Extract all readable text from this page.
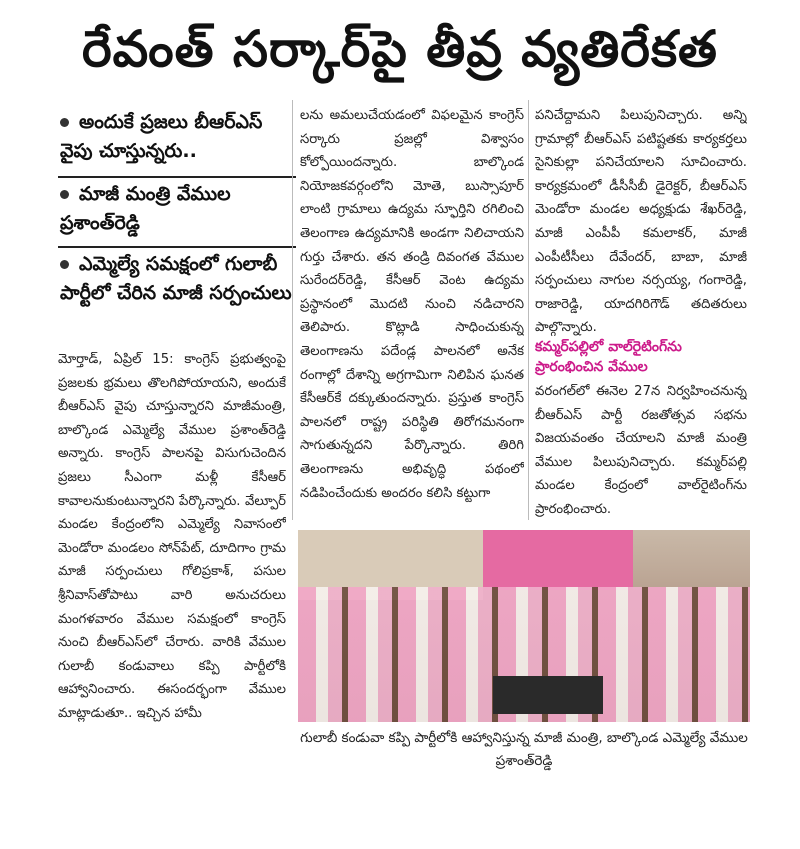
రేవంత్ సర్కార్‌పై తీవ్ర వ్యతిరేకత
అందుకే ప్రజలు బీఆర్ఎస్ వైపు చూస్తున్నరు..
మాజీ మంత్రి వేముల ప్రశాంత్‌రెడ్డి
ఎమ్మెల్యే సమక్షంలో గులాబీ పార్టీలో చేరిన మాజీ సర్పంచులు

మోర్తాడ్, ఏప్రిల్ 15: కాంగ్రెస్ ప్రభుత్వంపై ప్రజలకు భ్రమలు తొలగిపోయాయని, అందుకే బీఆర్ఎస్ వైపు చూస్తున్నారని మాజీమంత్రి, బాల్కొండ ఎమ్మెల్యే వేముల ప్రశాంత్‌రెడ్డి అన్నారు. కాంగ్రెస్ పాలనపై విసుగుచెందిన ప్రజలు సీఎంగా మళ్లీ కేసీఆర్ కావాలనుకుంటున్నారని పేర్కొన్నారు. వేల్పూర్ మండల కేంద్రంలోని ఎమ్మెల్యే నివాసంలో మెండోరా మండలం సోన్‌పేట్, దూదిగాం గ్రామ మాజీ సర్పంచులు గోలిప్రకాశ్, పసుల శ్రీనివాస్‌తోపాటు వారి అనుచరులు మంగళవారం వేముల సమక్షంలో కాంగ్రెస్ నుంచి బీఆర్ఎస్‌లో చేరారు. వారికి వేముల గులాబీ కండువాలు కప్పి పార్టీలోకి ఆహ్వానించారు. ఈసందర్భంగా వేముల మాట్లాడుతూ.. ఇచ్చిన హామీ

లను అమలుచేయడంలో విఫలమైన కాంగ్రెస్ సర్కారు ప్రజల్లో విశ్వాసం కోల్పోయిందన్నారు. బాల్కొండ నియోజకవర్గంలోని మోతె, బుస్సాపూర్ లాంటి గ్రామాలు ఉద్యమ స్ఫూర్తిని రగిలించి తెలంగాణ ఉద్యమానికి అండగా నిలిచాయని గుర్తు చేశారు. తన తండ్రి దివంగత వేముల సురేందర్‌రెడ్డి, కేసీఆర్ వెంట ఉద్యమ ప్రస్థానంలో మొదటి నుంచి నడిచారని తెలిపారు. కొట్లాడి సాధించుకున్న తెలంగాణను పదేండ్ల పాలనలో అనేక రంగాల్లో దేశాన్ని అగ్రగామిగా నిలిపిన ఘనత కేసీఆర్‌కే దక్కుతుందన్నారు. ప్రస్తుత కాంగ్రెస్ పాలనలో రాష్ట్ర పరిస్థితి తిరోగమనంగా సాగుతున్నదని పేర్కొన్నారు. తిరిగి తెలంగాణను అభివృద్ధి పథంలో నడిపించేందుకు అందరం కలిసి కట్టుగా

పనిచేద్దామని పిలుపునిచ్చారు. అన్ని గ్రామాల్లో బీఆర్ఎస్ పటిష్టతకు కార్యకర్తలు సైనికుల్లా పనిచేయాలని సూచించారు. కార్యక్రమంలో డీసీసీబీ డైరెక్టర్, బీఆర్ఎస్ మెండోరా మండల అధ్యక్షుడు శేఖర్‌రెడ్డి, మాజీ ఎంపీపీ కమలాకర్, మాజీ ఎంపీటీసీలు దేవేందర్, బాబా, మాజీ సర్పంచులు నాగుల నర్సయ్య, గంగారెడ్డి, రాజారెడ్డి, యాదగిరిగౌడ్ తదితరులు పాల్గొన్నారు.

కమ్మర్‌పల్లిలో వాల్‌రైటింగ్‌ను ప్రారంభించిన వేముల

వరంగల్‌లో ఈనెల 27న నిర్వహించనున్న బీఆర్ఎస్ పార్టీ రజతోత్సవ సభను విజయవంతం చేయాలని మాజీ మంత్రి వేముల పిలుపునిచ్చారు. కమ్మర్‌పల్లి మండల కేంద్రంలో వాల్‌రైటింగ్‌ను ప్రారంభించారు.

గులాబీ కండువా కప్పి పార్టీలోకి ఆహ్వానిస్తున్న మాజీ మంత్రి, బాల్కొండ ఎమ్మెల్యే వేముల ప్రశాంత్‌రెడ్డి
